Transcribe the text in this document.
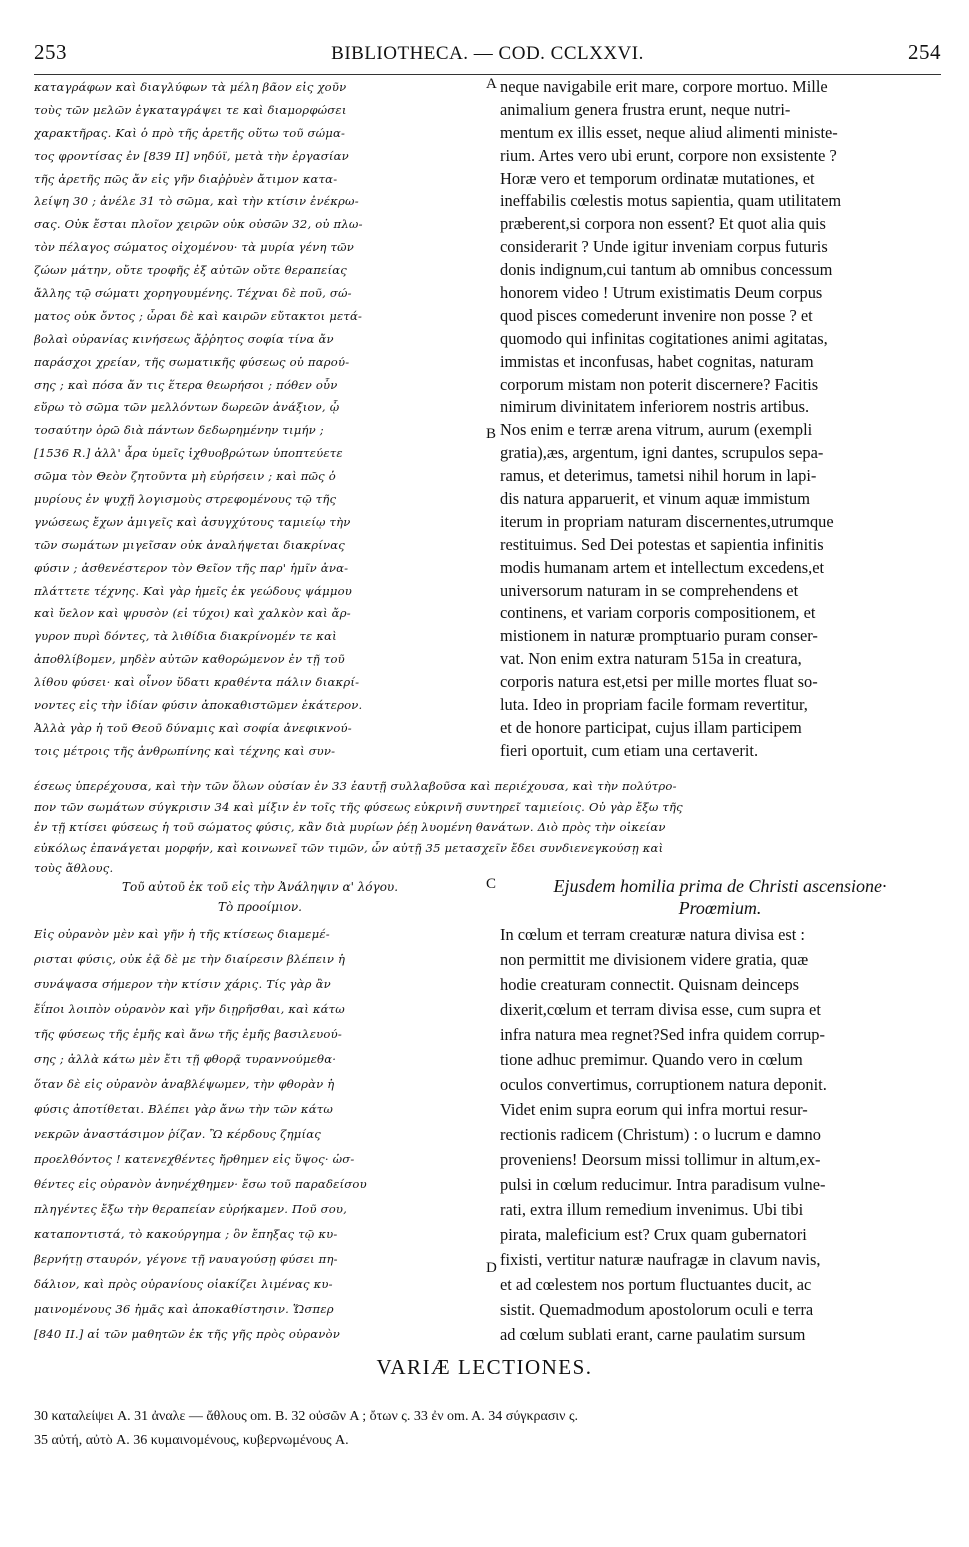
253	BIBLIOTHECA. — COD. CCLXXVI.	254
καταγράφων καὶ διαγλύφων τὰ μέλη βᾶον εἰς χοῦν
τοὺς τῶν μελῶν ἐγκαταγράψει τε καὶ διαμορφώσει
χαρακτῆρας. Καὶ ὁ πρὸ τῆς ἀρετῆς οὕτω τοῦ σώμα-
τος φροντίσας ἐν [839 II] νηδύϊ, μετὰ τὴν ἐργασίαν
τῆς ἀρετῆς πῶς ἄν εἰς γῆν διαῤῥυὲν ἄτιμον κατα-
λείψη 30 ; ἀνέλε 31 τὸ σῶμα, καὶ τὴν κτίσιν ἐνέκρω-
σας. Οὐκ ἔσται πλοῖον χειρῶν οὐκ οὐσῶν 32, οὐ πλω-
τὸν πέλαγος σώματος οἰχομένου· τὰ μυρία γένη τῶν
ζώων μάτην, οὔτε τροφῆς ἐξ αὐτῶν οὔτε θεραπείας
ἄλλης τῷ σώματι χορηγουμένης. Τέχναι δὲ ποῦ, σώ-
ματος οὐκ ὄντος ; ὧραι δὲ καὶ καιρῶν εὔτακτοι μετά-
βολαὶ οὐρανίας κινήσεως ἄῤῥητος σοφία τίνα ἄν
παράσχοι χρείαν, τῆς σωματικῆς φύσεως οὐ παρού-
σης ; καὶ πόσα ἄν τις ἕτερα θεωρήσοι ; πόθεν οὖν
εὕρω τὸ σῶμα τῶν μελλόντων δωρεῶν ἀνάξιον, ᾧ
τοσαύτην ὁρῶ διὰ πάντων δεδωρημένην τιμήν ;
[1536 R.] ἀλλ' ἆρα ὑμεῖς ἰχθυοβρώτων ὑποπτεύετε
σῶμα τὸν Θεὸν ζητοῦντα μὴ εὑρήσειν ; καὶ πῶς ὁ
μυρίους ἐν ψυχῇ λογισμοὺς στρεφομένους τῷ τῆς
γνώσεως ἔχων ἀμιγεῖς καὶ ἀσυγχύτους ταμιείῳ τὴν
τῶν σωμάτων μιγεῖσαν οὐκ ἀναλήψεται διακρίνας
φύσιν ; ἀσθενέστερον τὸν Θεῖον τῆς παρ' ἡμῖν ἀνα-
πλάττετε τέχνης. Καὶ γὰρ ἡμεῖς ἐκ γεώδους ψάμμου
καὶ ὕελον καὶ ψρυσὸν (εἰ τύχοι) καὶ χαλκὸν καὶ ἄρ-
γυρον πυρὶ δόντες, τὰ λιθίδια διακρίνομέν τε καὶ
ἀποθλίβομεν, μηδὲν αὐτῶν καθορώμενον ἐν τῇ τοῦ
λίθου φύσει· καὶ οἶνον ὕδατι κραθέντα πάλιν διακρί-
νοντες εἰς τὴν ἰδίαν φύσιν ἀποκαθιστῶμεν ἑκάτερον.
Ἀλλὰ γὰρ ἡ τοῦ Θεοῦ δύναμις καὶ σοφία ἀνεφικνού-
τοις μέτροις τῆς ἀνθρωπίνης καὶ τέχνης καὶ συν-
neque navigabile erit mare, corpore mortuo. Mille
animalium genera frustra erunt, neque nutri-
mentum ex illis esset, neque aliud alimenti ministe-
rium. Artes vero ubi erunt, corpore non exsistente ?
Horæ vero et temporum ordinatæ mutationes, et
ineffabilis cœlestis motus sapientia, quam utilitatem
præberent,si corpora non essent? Et quot alia quis
considerarit ? Unde igitur inveniam corpus futuris
donis indignum,cui tantum ab omnibus concessum
honorem video ! Utrum existimatis Deum corpus
quod pisces comederunt invenire non posse ? et
quomodo qui infinitas cogitationes animi agitatas,
immistas et inconfusas, habet cognitas, naturam
corporum mistam non poterit discernere? Facitis
nimirum divinitatem inferiorem nostris artibus.
Nos enim e terræ arena vitrum, aurum (exempli
gratia),æs, argentum, igni dantes, scrupulos sepa-
ramus, et deterimus, tametsi nihil horum in lapi-
dis natura apparuerit, et vinum aquæ immistum
iterum in propriam naturam discernentes,utrumque
restituimus. Sed Dei potestas et sapientia infinitis
modis humanam artem et intellectum excedens,et
universorum naturam in se comprehendens et
continens, et variam corporis compositionem, et
mistionem in naturæ promptuario puram conser-
vat. Non enim extra naturam 515a in creatura,
corporis natura est,etsi per mille mortes fluat so-
luta. Ideo in propriam facile formam revertitur,
et de honore participat, cujus illam participem
fieri oportuit, cum etiam una certaverit.
A
B
έσεως ὑπερέχουσα, καὶ τὴν τῶν ὅλων οὐσίαν ἐν 33 ἑαυτῇ συλλαβοῦσα καὶ περιέχουσα, καὶ τὴν πολύτρο-
πον τῶν σωμάτων σύγκρισιν 34 καὶ μίξιν ἐν τοῖς τῆς φύσεως εὐκρινῆ συντηρεῖ ταμιείοις. Οὐ γὰρ ἔξω τῆς
ἐν τῇ κτίσει φύσεως ἡ τοῦ σώματος φύσις, κἂν διὰ μυρίων ῥέῃ λυομένη θανάτων. Διὸ πρὸς τὴν οἰκείαν
εὐκόλως ἐπανάγεται μορφήν, καὶ κοινωνεῖ τῶν τιμῶν, ὧν αὐτῇ 35 μετασχεῖν ἔδει συνδιενεγκούσῃ καὶ
τοὺς ἄθλους.
Τοῦ αὐτοῦ ἐκ τοῦ εἰς τὴν Ἀνάληψιν α' λόγου.
Τὸ προοίμιον.
C	Ejusdem homilia prima de Christi ascensione·
Proœmium.
Εἰς οὐρανὸν μὲν καὶ γῆν ἡ τῆς κτίσεως διαμεμέ-
ρισται φύσις, οὐκ ἐᾷ δὲ με τὴν διαίρεσιν βλέπειν ἡ
συνάψασα σήμερον τὴν κτίσιν χάρις. Τίς γὰρ ἂν
ἔΐποι λοιπὸν οὐρανὸν καὶ γῆν διῃρῆσθαι, καὶ κάτω
τῆς φύσεως τῆς ἐμῆς καὶ ἄνω τῆς ἐμῆς βασιλευού-
σης ; ἀλλὰ κάτω μὲν ἔτι τῇ φθορᾷ τυραννούμεθα·
ὅταν δὲ εἰς οὐρανὸν ἀναβλέψωμεν, τὴν φθορὰν ἡ
φύσις ἀποτίθεται. Βλέπει γὰρ ἄνω τὴν τῶν κάτω
νεκρῶν ἀναστάσιμον ῥίζαν. Ὢ κέρδους ζημίας
προελθόντος ! κατενεχθέντες ἤρθημεν εἰς ὕψος· ὠσ-
θέντες εἰς οὐρανὸν ἀνηνέχθημεν· ἔσω τοῦ παραδείσου
πληγέντες ἔξω τὴν θεραπείαν εὑρήκαμεν. Ποῦ σου,
καταποντιστά, τὸ κακούργημα ; ὃν ἔπηξας τῷ κυ-
βερνήτῃ σταυρόν, γέγονε τῇ ναυαγούσῃ φύσει πη-
δάλιον, καὶ πρὸς οὐρανίους οἰακίζει λιμένας κυ-
μαινομένους 36 ἡμᾶς καὶ ἀποκαθίστησιν. Ὥσπερ
[840 II.] αἱ τῶν μαθητῶν ἐκ τῆς γῆς πρὸς οὐρανὸν
In cœlum et terram creaturæ natura divisa est :
non permittit me divisionem videre gratia, quæ
hodie creaturam connectit. Quisnam deinceps
dixerit,cœlum et terram divisa esse, cum supra et
infra natura mea regnet?Sed infra quidem corrup-
tione adhuc premimur. Quando vero in cœlum
oculos convertimus, corruptionem natura deponit.
Videt enim supra eorum qui infra mortui resur-
rectionis radicem (Christum) : o lucrum e damno
proveniens! Deorsum missi tollimur in altum,ex-
pulsi in cœlum reducimur. Intra paradisum vulne-
rati, extra illum remedium invenimus. Ubi tibi
pirata, maleficium est? Crux quam gubernatori
fixisti, vertitur naturæ naufragæ in clavum navis,
et ad cœlestem nos portum fluctuantes ducit, ac
sistit. Quemadmodum apostolorum oculi e terra
ad cœlum sublati erant, carne paulatim sursum
D
VARIÆ LECTIONES.
30 καταλείψει A. 31 ἀναλε — ἄθλους om. B. 32 οὐσῶν A ; ὄτων ς. 33 ἐν om. A. 34 σύγκρασιν ς.
35 αὐτή, αὐτὸ A. 36 κυμαινομένους, κυβερνωμένους A.
